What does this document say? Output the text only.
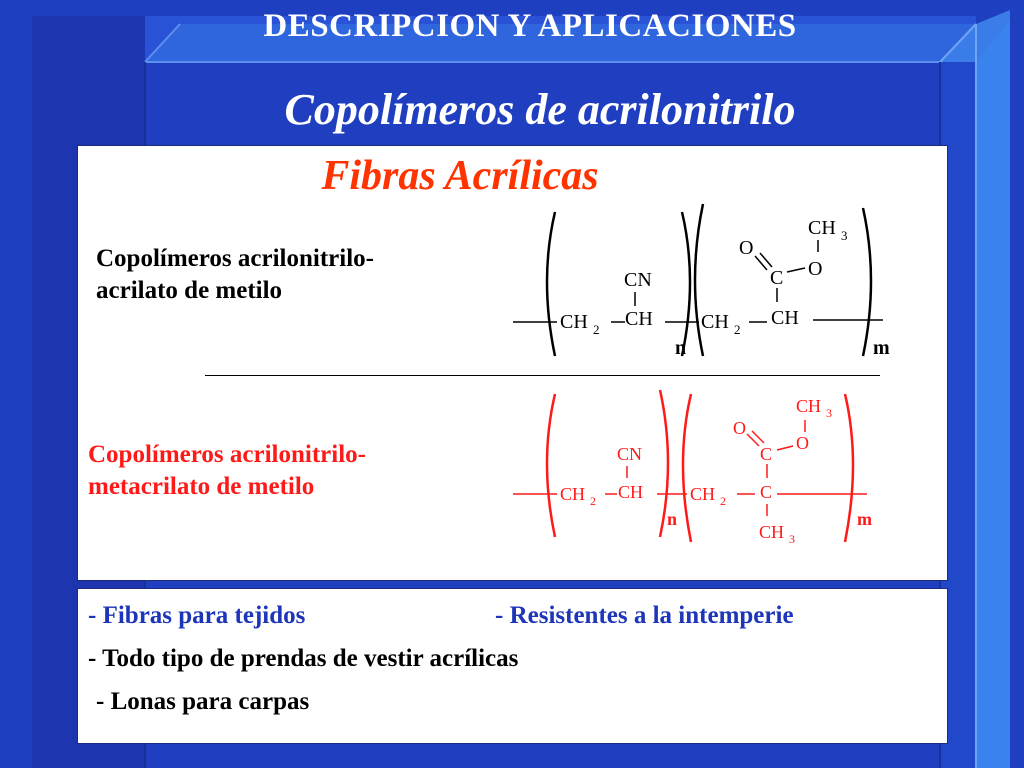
DESCRIPCION Y APLICACIONES
Copolímeros de acrilonitrilo
Fibras Acrílicas
Copolímeros acrilonitrilo-
acrilato de metilo
Copolímeros acrilonitrilo-
metacrilato de metilo
CH 2 CH
CN
CH 2
CH
C
O
O
CH 3
n	m
CH 2 CH
CN
CH 2 C
C
O
O
CH 3
CH 3
n	m
- Fibras para tejidos	- Resistentes a la intemperie
- Todo tipo de prendas de vestir acrílicas
- Lonas para carpas
